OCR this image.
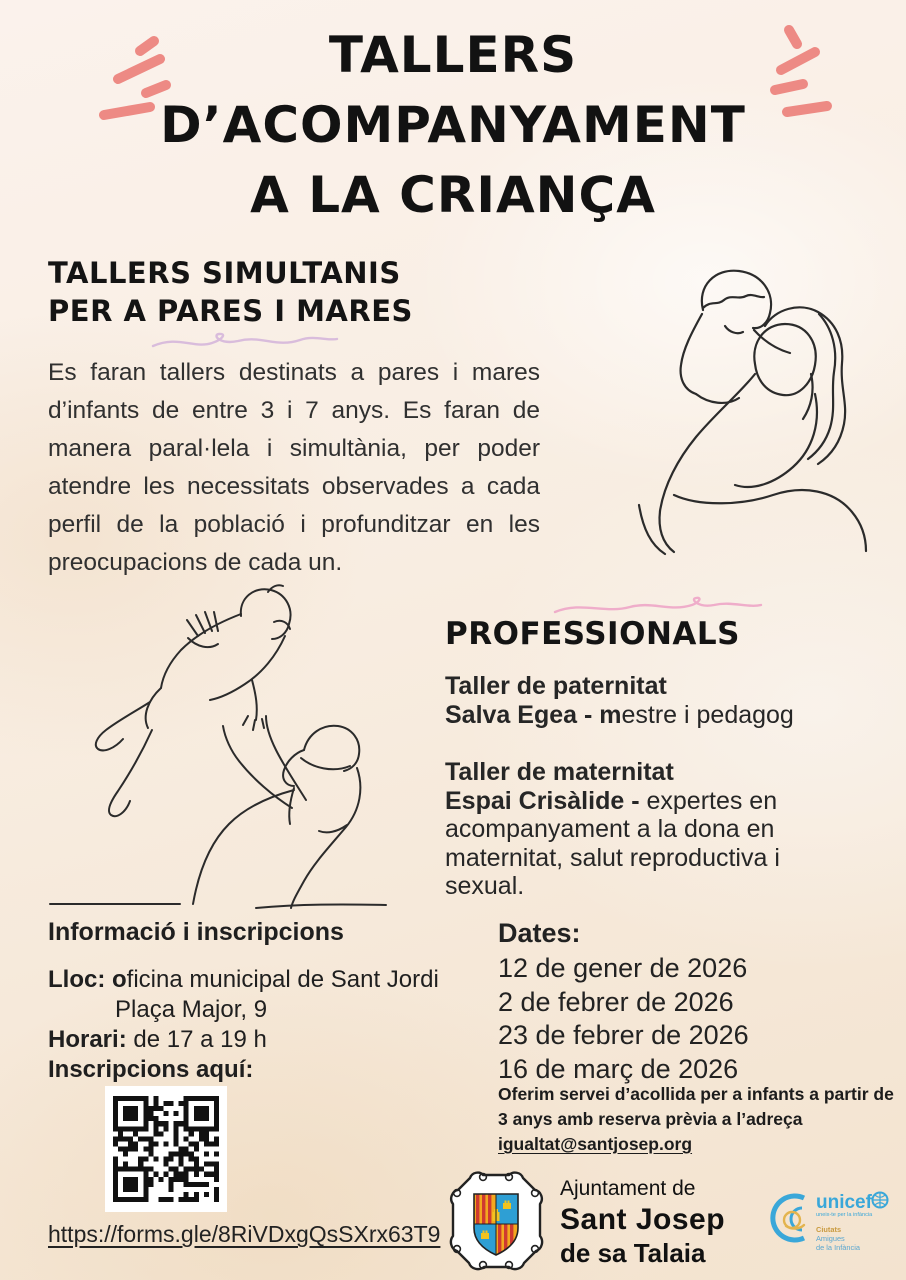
TALLERS
D’ACOMPANYAMENT
A LA CRIANÇA
TALLERS SIMULTANIS
PER A PARES I MARES

Es faran tallers destinats a pares i mares d’infants de entre 3 i 7 anys. Es faran de manera paral·lela i simultània, per poder atendre les necessitats observades a cada perfil de la població i profunditzar en les preocupacions de cada un.

PROFESSIONALS

Taller de paternitat

Salva Egea - mestre i pedagog

Taller de maternitat

Espai Crisàlide - expertes en acompanyament a la dona en maternitat, salut reproductiva i sexual.

Informació i inscripcions
Lloc: oficina municipal de Sant Jordi
Plaça Major, 9
Horari: de 17 a 19 h
Inscripcions aquí:
https://forms.gle/8RiVDxgQsSXrx63T9
Dates:
12 de gener de 2026
2 de febrer de 2026
23 de febrer de 2026
16 de març de 2026
Oferim servei d’acollida per a infants a partir de 3 anys amb reserva prèvia a l’adreça
igualtat@santjosep.org
Ajuntament de
Sant Josep
de sa Talaia
unicef
uneix-te per la infància
Ciutats
Amigues
de la Infància
